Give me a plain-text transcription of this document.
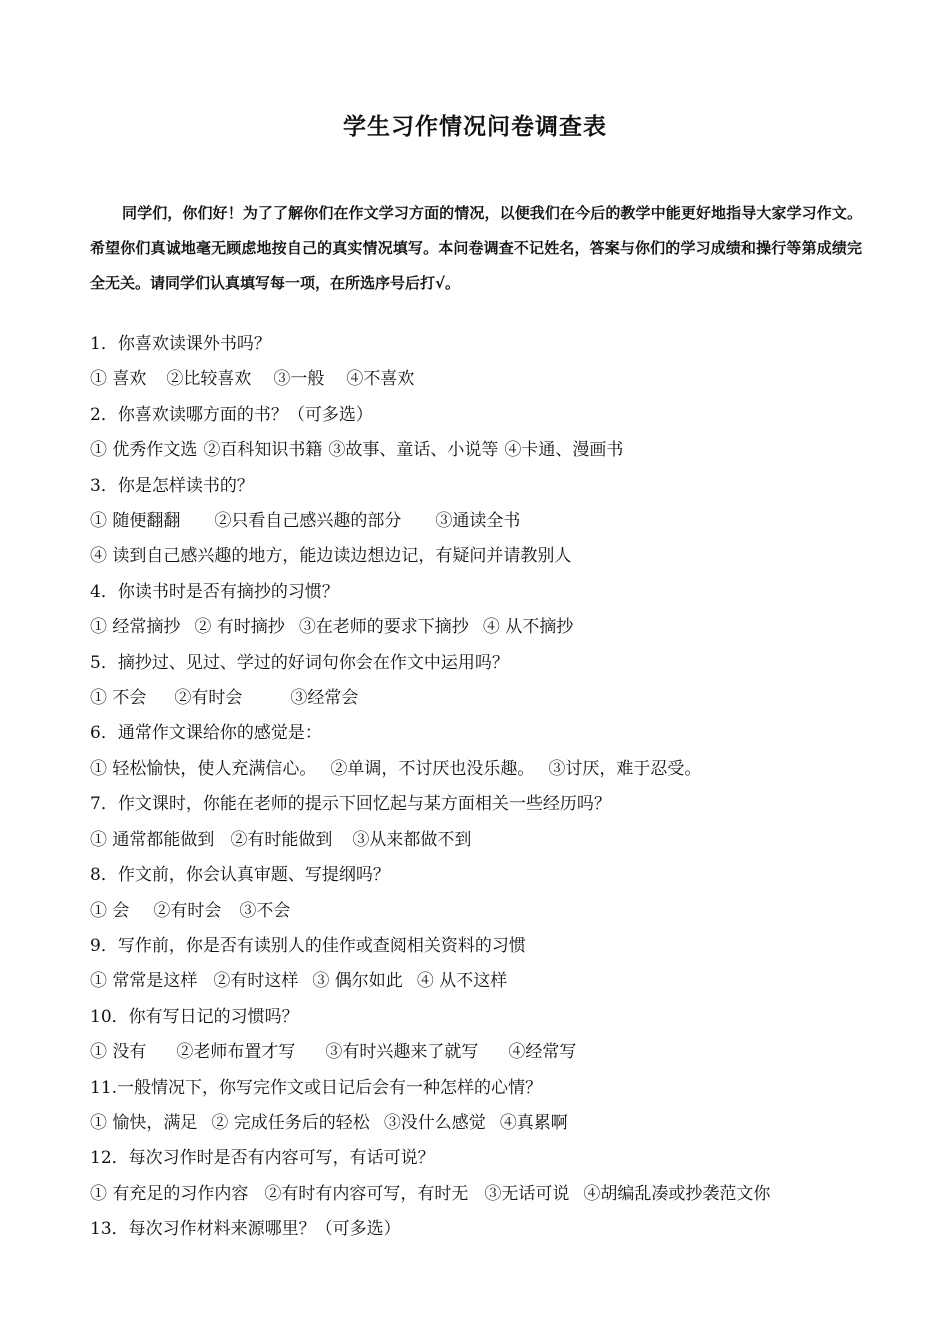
学生习作情况问卷调查表
同学们，你们好！为了了解你们在作文学习方面的情况，以便我们在今后的教学中能更好地指导大家学习作文。希望你们真诚地毫无顾虑地按自己的真实情况填写。本问卷调查不记姓名，答案与你们的学习成绩和操行等第成绩完全无关。请同学们认真填写每一项，在所选序号后打√。
1．你喜欢读课外书吗？
① 喜欢 ②比较喜欢 ③一般 ④不喜欢
2．你喜欢读哪方面的书？（可多选）
① 优秀作文选 ②百科知识书籍 ③故事、童话、小说等 ④卡通、漫画书
3．你是怎样读书的？
① 随便翻翻 ②只看自己感兴趣的部分 ③通读全书
④ 读到自己感兴趣的地方，能边读边想边记，有疑问并请教别人
4．你读书时是否有摘抄的习惯？
① 经常摘抄 ② 有时摘抄 ③在老师的要求下摘抄 ④ 从不摘抄
5．摘抄过、见过、学过的好词句你会在作文中运用吗？
① 不会 ②有时会	③经常会
6．通常作文课给你的感觉是：
① 轻松愉快，使人充满信心。 ②单调，不讨厌也没乐趣。 ③讨厌，难于忍受。
7．作文课时，你能在老师的提示下回忆起与某方面相关一些经历吗？
① 通常都能做到 ②有时能做到 ③从来都做不到
8．作文前，你会认真审题、写提纲吗？
① 会 ②有时会 ③不会
9．写作前，你是否有读别人的佳作或查阅相关资料的习惯
① 常常是这样 ②有时这样 ③ 偶尔如此 ④ 从不这样
10．你有写日记的习惯吗？
① 没有 ②老师布置才写 ③有时兴趣来了就写 ④经常写
11.一般情况下，你写完作文或日记后会有一种怎样的心情？
① 愉快，满足 ② 完成任务后的轻松 ③没什么感觉 ④真累啊
12．每次习作时是否有内容可写，有话可说？
① 有充足的习作内容 ②有时有内容可写，有时无 ③无话可说 ④胡编乱凑或抄袭范文你
13．每次习作材料来源哪里？（可多选）
